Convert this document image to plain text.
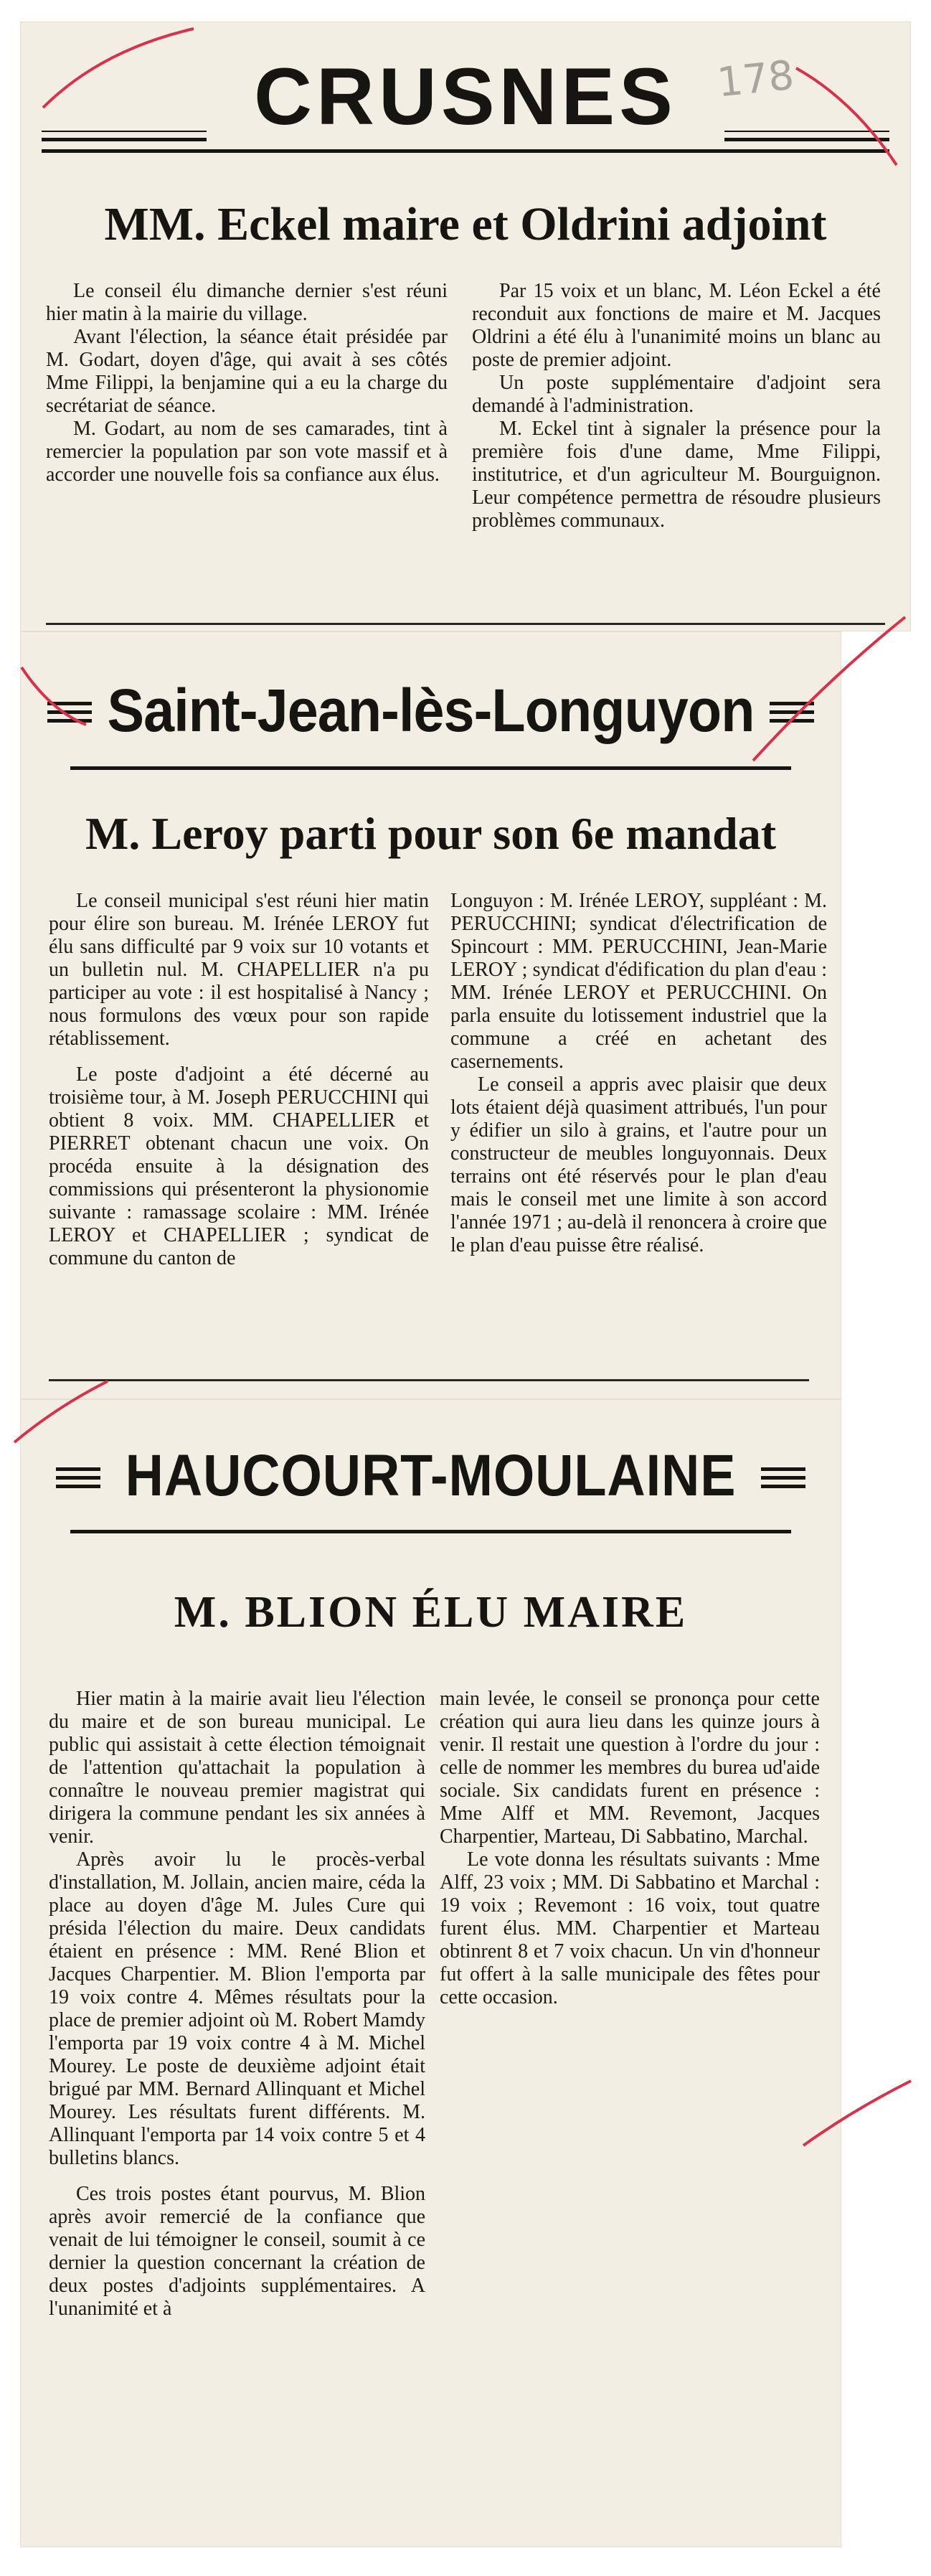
CRUSNES
MM. Eckel maire et Oldrini adjoint

Le conseil élu dimanche dernier s'est réuni hier matin à la mairie du village.

Avant l'élection, la séance était présidée par M. Godart, doyen d'âge, qui avait à ses côtés Mme Filippi, la benjamine qui a eu la charge du secrétariat de séance.

M. Godart, au nom de ses camarades, tint à remercier la population par son vote massif et à accorder une nouvelle fois sa confiance aux élus.

Par 15 voix et un blanc, M. Léon Eckel a été reconduit aux fonctions de maire et M. Jacques Oldrini a été élu à l'unanimité moins un blanc au poste de premier adjoint.

Un poste supplémentaire d'adjoint sera demandé à l'administration.

M. Eckel tint à signaler la présence pour la première fois d'une dame, Mme Filippi, institutrice, et d'un agriculteur M. Bourguignon. Leur compétence permettra de résoudre plusieurs problèmes communaux.

178
Saint-Jean-lès-Longuyon
M. Leroy parti pour son 6e mandat

Le conseil municipal s'est réuni hier matin pour élire son bureau. M. Irénée LEROY fut élu sans difficulté par 9 voix sur 10 votants et un bulletin nul. M. CHAPELLIER n'a pu participer au vote : il est hospitalisé à Nancy ; nous formulons des vœux pour son rapide rétablissement.

Le poste d'adjoint a été décerné au troisième tour, à M. Joseph PERUCCHINI qui obtient 8 voix. MM. CHAPELLIER et PIERRET obtenant chacun une voix. On procéda ensuite à la désignation des commissions qui présenteront la physionomie suivante : ramassage scolaire : MM. Irénée LEROY et CHAPELLIER ; syndicat de commune du canton de

Longuyon : M. Irénée LEROY, suppléant : M. PERUCCHINI; syndicat d'électrification de Spincourt : MM. PERUCCHINI, Jean-Marie LEROY ; syndicat d'édification du plan d'eau : MM. Irénée LEROY et PERUCCHINI. On parla ensuite du lotissement industriel que la commune a créé en achetant des casernements.

Le conseil a appris avec plaisir que deux lots étaient déjà quasiment attribués, l'un pour y édifier un silo à grains, et l'autre pour un constructeur de meubles longuyonnais. Deux terrains ont été réservés pour le plan d'eau mais le conseil met une limite à son accord l'année 1971 ; au-delà il renoncera à croire que le plan d'eau puisse être réalisé.

HAUCOURT-MOULAINE
M. BLION ÉLU MAIRE

Hier matin à la mairie avait lieu l'élection du maire et de son bureau municipal. Le public qui assistait à cette élection témoignait de l'attention qu'attachait la population à connaître le nouveau premier magistrat qui dirigera la commune pendant les six années à venir.

Après avoir lu le procès-verbal d'installation, M. Jollain, ancien maire, céda la place au doyen d'âge M. Jules Cure qui présida l'élection du maire. Deux candidats étaient en présence : MM. René Blion et Jacques Charpentier. M. Blion l'emporta par 19 voix contre 4. Mêmes résultats pour la place de premier adjoint où M. Robert Mamdy l'emporta par 19 voix contre 4 à M. Michel Mourey. Le poste de deuxième adjoint était brigué par MM. Bernard Allinquant et Michel Mourey. Les résultats furent différents. M. Allinquant l'emporta par 14 voix contre 5 et 4 bulletins blancs.

Ces trois postes étant pourvus, M. Blion après avoir remercié de la confiance que venait de lui témoigner le conseil, soumit à ce dernier la question concernant la création de deux postes d'adjoints supplémentaires. A l'unanimité et à

main levée, le conseil se prononça pour cette création qui aura lieu dans les quinze jours à venir. Il restait une question à l'ordre du jour : celle de nommer les membres du burea ud'aide sociale. Six candidats furent en présence : Mme Alff et MM. Revemont, Jacques Charpentier, Marteau, Di Sabbatino, Marchal.

Le vote donna les résultats suivants : Mme Alff, 23 voix ; MM. Di Sabbatino et Marchal : 19 voix ; Revemont : 16 voix, tout quatre furent élus. MM. Charpentier et Marteau obtinrent 8 et 7 voix chacun. Un vin d'honneur fut offert à la salle municipale des fêtes pour cette occasion.
